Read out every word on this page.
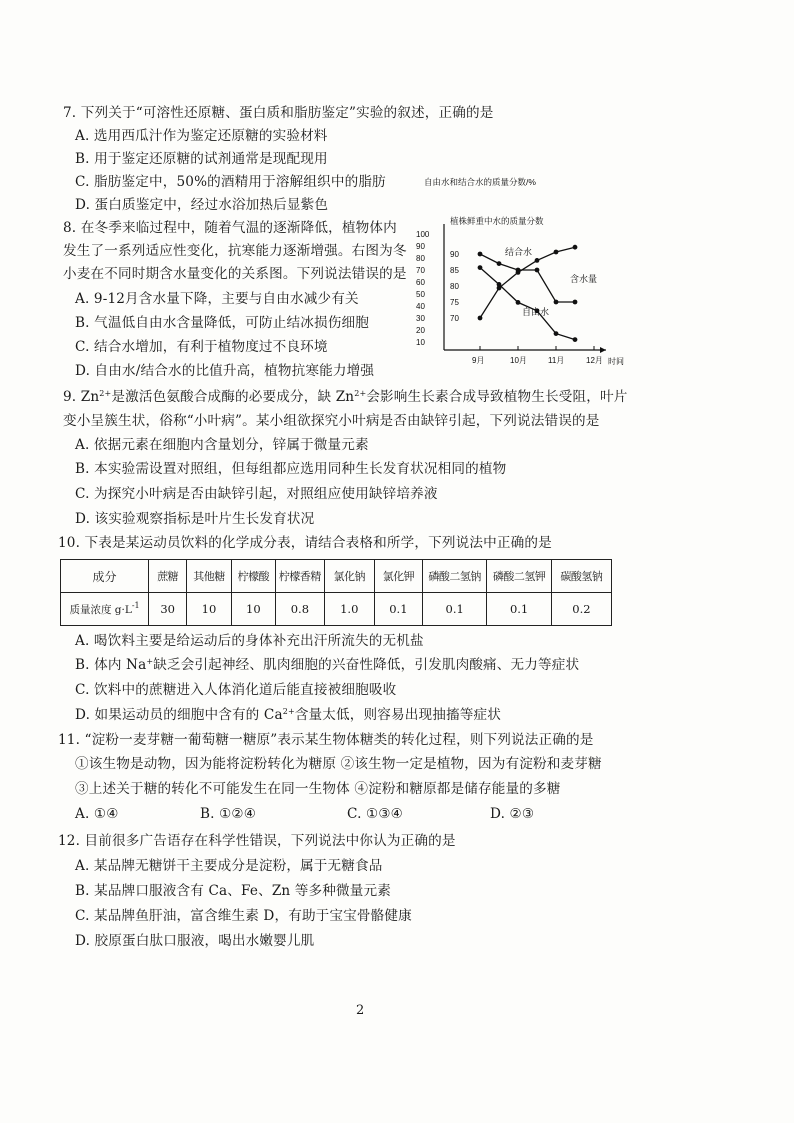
7. 下列关于“可溶性还原糖、蛋白质和脂肪鉴定”实验的叙述，正确的是
A. 选用西瓜汁作为鉴定还原糖的实验材料
B. 用于鉴定还原糖的试剂通常是现配现用
C. 脂肪鉴定中，50%的酒精用于溶解组织中的脂肪
D. 蛋白质鉴定中，经过水浴加热后显紫色
8. 在冬季来临过程中，随着气温的逐渐降低，植物体内
发生了一系列适应性变化，抗寒能力逐渐增强。右图为冬
小麦在不同时期含水量变化的关系图。下列说法错误的是
A. 9-12月含水量下降，主要与自由水减少有关
B. 气温低自由水含量降低，可防止结冰损伤细胞
C. 结合水增加，有利于植物度过不良环境
D. 自由水/结合水的比值升高，植物抗寒能力增强
自由水和结合水的质量分数/%
植株鲜重中水的质量分数
时间
100
90
80
70
60
50
40
30
20
10
90
85
80
75
70
9月	10月	11月	12月
结合水
含水量
自由水
9. $Zn^{2+}$是激活色氨酸合成酶的必要成分，缺 $Zn^{2+}$会影响生长素合成导致植物生长受阻，叶片
变小呈簇生状，俗称“小叶病”。某小组欲探究小叶病是否由缺锌引起，下列说法错误的是
A. 依据元素在细胞内含量划分，锌属于微量元素
B. 本实验需设置对照组，但每组都应选用同种生长发育状况相同的植物
C. 为探究小叶病是否由缺锌引起，对照组应使用缺锌培养液
D. 该实验观察指标是叶片生长发育状况
10. 下表是某运动员饮料的化学成分表，请结合表格和所学，下列说法中正确的是
成分	蔗糖	其他糖	柠檬酸	柠檬香精	氯化钠	氯化钾	磷酸二氢钠	磷酸二氢钾	碳酸氢钠
质量浓度 $g\cdot L^{-1}$	30	10	10	0.8	1.0	0.1	0.1	0.1	0.2
A. 喝饮料主要是给运动后的身体补充出汗所流失的无机盐
B. 体内 Na+缺乏会引起神经、肌肉细胞的兴奋性降低，引发肌肉酸痛、无力等症状
C. 饮料中的蔗糖进入人体消化道后能直接被细胞吸收
D. 如果运动员的细胞中含有的 $Ca^{2+}$含量太低，则容易出现抽搐等症状
11. “淀粉一麦芽糖一葡萄糖一糖原”表示某生物体糖类的转化过程，则下列说法正确的是
①该生物是动物，因为能将淀粉转化为糖原 ②该生物一定是植物，因为有淀粉和麦芽糖
③上述关于糖的转化不可能发生在同一生物体 ④淀粉和糖原都是储存能量的多糖
A. ①④	B. ①②④	C. ①③④	D. ②③
12. 目前很多广告语存在科学性错误，下列说法中你认为正确的是
A. 某品牌无糖饼干主要成分是淀粉，属于无糖食品
B. 某品牌口服液含有 Ca、Fe、Zn 等多种微量元素
C. 某品牌鱼肝油，富含维生素 D，有助于宝宝骨骼健康
D. 胶原蛋白肽口服液，喝出水嫩婴儿肌
2
